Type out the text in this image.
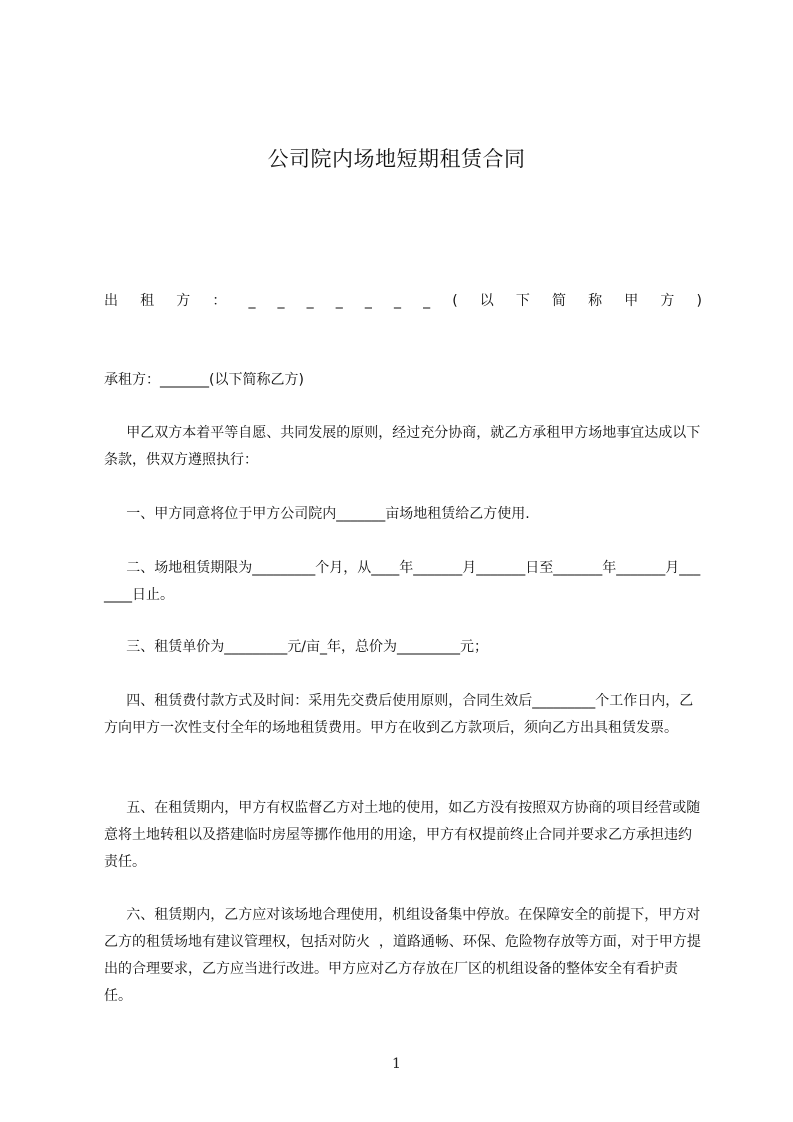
公司院内场地短期租赁合同
出 租 方 ： _ _ _ _ _ _ _ ( 以 下 简 称 甲 方 )
承租方：_______(以下简称乙方)
甲乙双方本着平等自愿、共同发展的原则，经过充分协商，就乙方承租甲方场地事宜达成以下条款，供双方遵照执行：
一、甲方同意将位于甲方公司院内_______亩场地租赁给乙方使用.
二、场地租赁期限为_________个月，从____年_______月_______日至_______年_______月_______日止。
三、租赁单价为_________元/亩_年，总价为_________元；
四、租赁费付款方式及时间：采用先交费后使用原则，合同生效后_________个工作日内，乙方向甲方一次性支付全年的场地租赁费用。甲方在收到乙方款项后，须向乙方出具租赁发票。
五、在租赁期内，甲方有权监督乙方对土地的使用，如乙方没有按照双方协商的项目经营或随意将土地转租以及搭建临时房屋等挪作他用的用途，甲方有权提前终止合同并要求乙方承担违约责任。
六、租赁期内，乙方应对该场地合理使用，机组设备集中停放。在保障安全的前提下，甲方对乙方的租赁场地有建议管理权，包括对防火  ，道路通畅、环保、危险物存放等方面，对于甲方提出的合理要求，乙方应当进行改进。甲方应对乙方存放在厂区的机组设备的整体安全有看护责任。
1
